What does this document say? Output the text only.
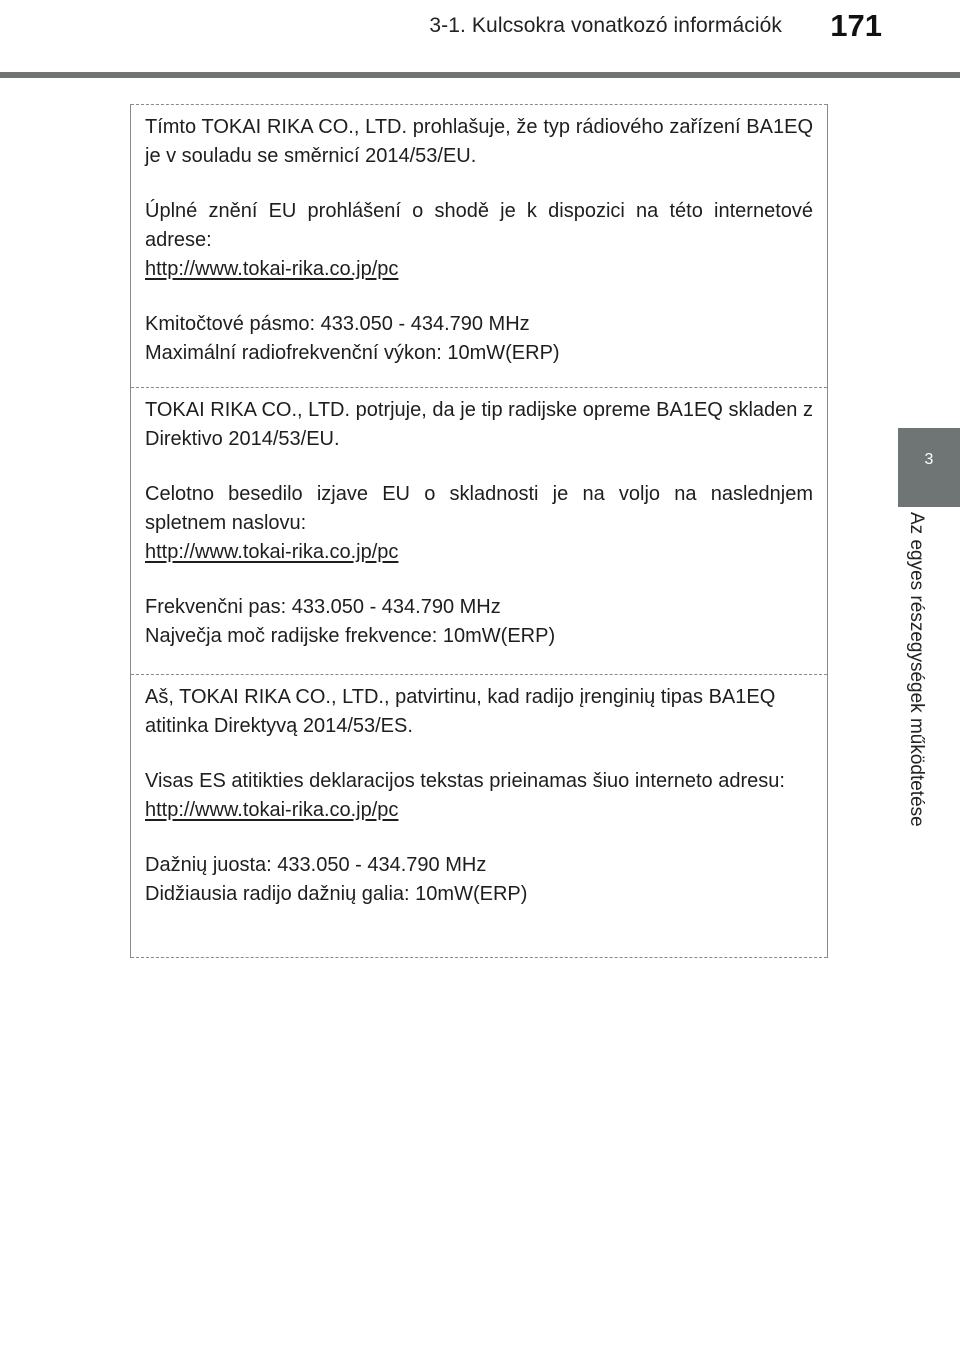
3-1. Kulcsokra vonatkozó információk 171
3
Az egyes részegységek működtetése

Tímto TOKAI RIKA CO., LTD. prohlašuje, že typ rádiového zařízení BA1EQ je v souladu se směrnicí 2014/53/EU.

Úplné znění EU prohlášení o shodě je k dispozici na této internetové adrese:

http://www.tokai-rika.co.jp/pc

Kmitočtové pásmo: 433.050 - 434.790 MHz

Maximální radiofrekvenční výkon: 10mW(ERP)

TOKAI RIKA CO., LTD. potrjuje, da je tip radijske opreme BA1EQ skladen z Direktivo 2014/53/EU.

Celotno besedilo izjave EU o skladnosti je na voljo na naslednjem spletnem naslovu:

http://www.tokai-rika.co.jp/pc

Frekvenčni pas: 433.050 - 434.790 MHz

Največja moč radijske frekvence: 10mW(ERP)

Aš, TOKAI RIKA CO., LTD., patvirtinu, kad radijo įrenginių tipas BA1EQ atitinka Direktyvą 2014/53/ES.

Visas ES atitikties deklaracijos tekstas prieinamas šiuo interneto adresu:

http://www.tokai-rika.co.jp/pc

Dažnių juosta: 433.050 - 434.790 MHz

Didžiausia radijo dažnių galia: 10mW(ERP)
